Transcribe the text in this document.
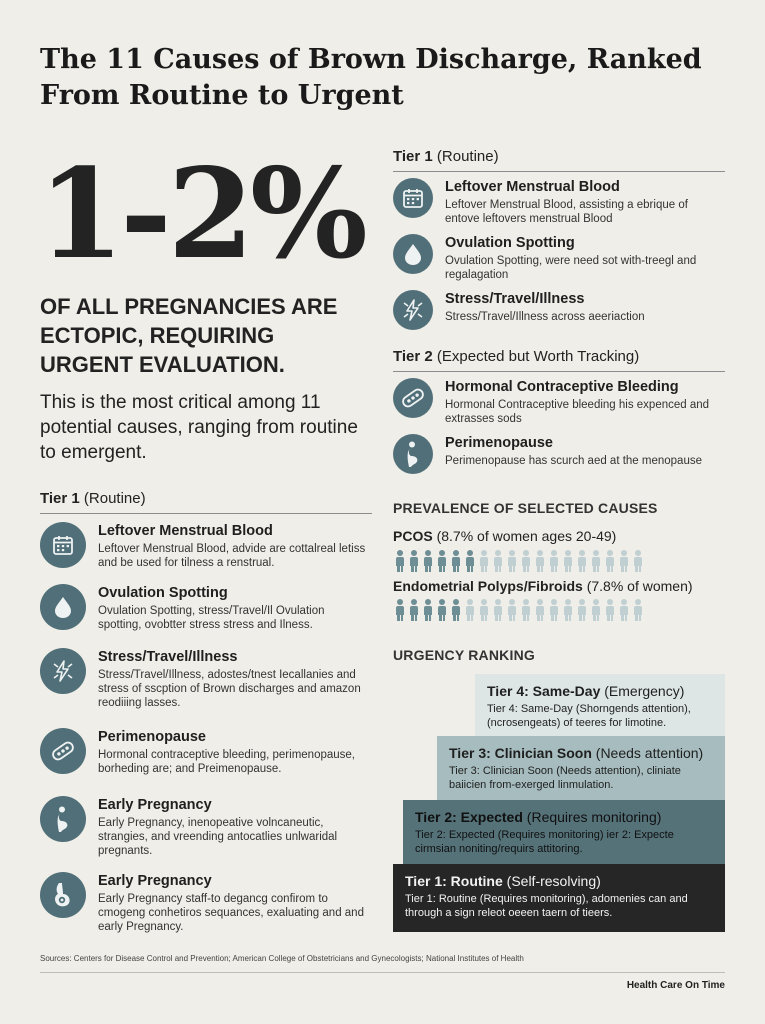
The 11 Causes of Brown Discharge, Ranked From Routine to Urgent
1-2%
OF ALL PREGNANCIES ARE ECTOPIC, REQUIRING URGENT EVALUATION.
This is the most critical among 11 potential causes, ranging from routine to emergent.
Tier 1 (Routine)
Leftover Menstrual Blood
Leftover Menstrual Blood, advide are cottalreal letiss and be used for tilness a renstrual.
Ovulation Spotting
Ovulation Spotting, stress/Travel/Il Ovulation spotting, ovobtter stress stress and Ilness.
Stress/Travel/Illness
Stress/Travel/Illness, adostes/tnest Iecallanies and stress of sscption of Brown discharges and amazon reodiiing lasses.
Perimenopause
Hormonal contraceptive bleeding, perimenopause, borheding are; and Preimenopause.
Early Pregnancy
Early Pregnancy, inenopeative volncaneutic, strangies, and vreending antocatlies unlwaridal pregnants.
Early Pregnancy
Early Pregnancy staff-to degancg confirom to cmogeng conhetiros sequances, exaluating and and early Pregnancy.
Tier 1 (Routine)
Leftover Menstrual Blood
Leftover Menstrual Blood, assisting a ebrique of entove leftovers menstrual Blood
Ovulation Spotting
Ovulation Spotting, were need sot with-treegl and regalagation
Stress/Travel/Illness
Stress/Travel/Illness across aeeriaction
Tier 2 (Expected but Worth Tracking)
Hormonal Contraceptive Bleeding
Hormonal Contraceptive bleeding his expenced and extrasses sods
Perimenopause
Perimenopause has scurch aed at the menopause
PREVALENCE OF SELECTED CAUSES
PCOS (8.7% of women ages 20-49)
Endometrial Polyps/Fibroids (7.8% of women)
URGENCY RANKING
Tier 4: Same-Day (Emergency)
Tier 4: Same-Day (Shorngends attention), (ncrosengeats) of teeres for limotine.
Tier 3: Clinician Soon (Needs attention)
Tier 3: Clinician Soon (Needs attention), cliniate baiicien from-exerged linmulation.
Tier 2: Expected (Requires monitoring)
Tier 2: Expected (Requires monitoring) ier 2: Expecte cirmsian noniting/requirs attitoring.
Tier 1: Routine (Self-resolving)
Tier 1: Routine (Requires monitoring), adomenies can and through a sign releot oeeen taern of tieers.
Sources: Centers for Disease Control and Prevention; American College of Obstetricians and Gynecologists; National Institutes of Health
Health Care On Time
